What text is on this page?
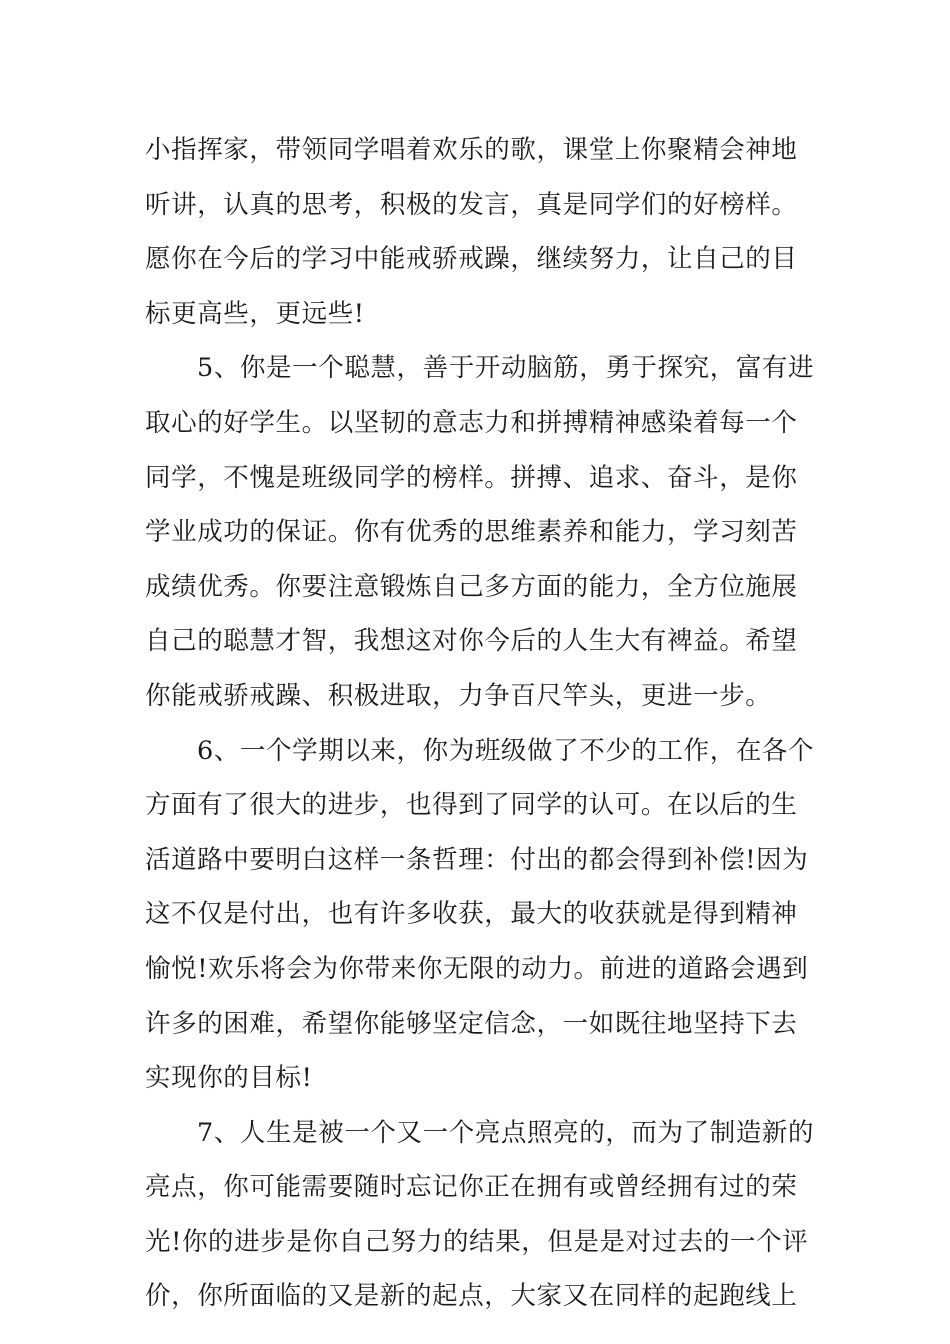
小指挥家，带领同学唱着欢乐的歌，课堂上你聚精会神地
听讲，认真的思考，积极的发言，真是同学们的好榜样。
愿你在今后的学习中能戒骄戒躁，继续努力，让自己的目
标更高些，更远些!
5、你是一个聪慧，善于开动脑筋，勇于探究，富有进
取心的好学生。以坚韧的意志力和拼搏精神感染着每一个
同学，不愧是班级同学的榜样。拼搏、追求、奋斗，是你
学业成功的保证。你有优秀的思维素养和能力，学习刻苦
成绩优秀。你要注意锻炼自己多方面的能力，全方位施展
自己的聪慧才智，我想这对你今后的人生大有裨益。希望
你能戒骄戒躁、积极进取，力争百尺竿头，更进一步。
6、一个学期以来，你为班级做了不少的工作，在各个
方面有了很大的进步，也得到了同学的认可。在以后的生
活道路中要明白这样一条哲理：付出的都会得到补偿!因为
这不仅是付出，也有许多收获，最大的收获就是得到精神
愉悦!欢乐将会为你带来你无限的动力。前进的道路会遇到
许多的困难，希望你能够坚定信念，一如既往地坚持下去
实现你的目标!
7、人生是被一个又一个亮点照亮的，而为了制造新的
亮点，你可能需要随时忘记你正在拥有或曾经拥有过的荣
光!你的进步是你自己努力的结果，但是是对过去的一个评
价，你所面临的又是新的起点，大家又在同样的起跑线上
